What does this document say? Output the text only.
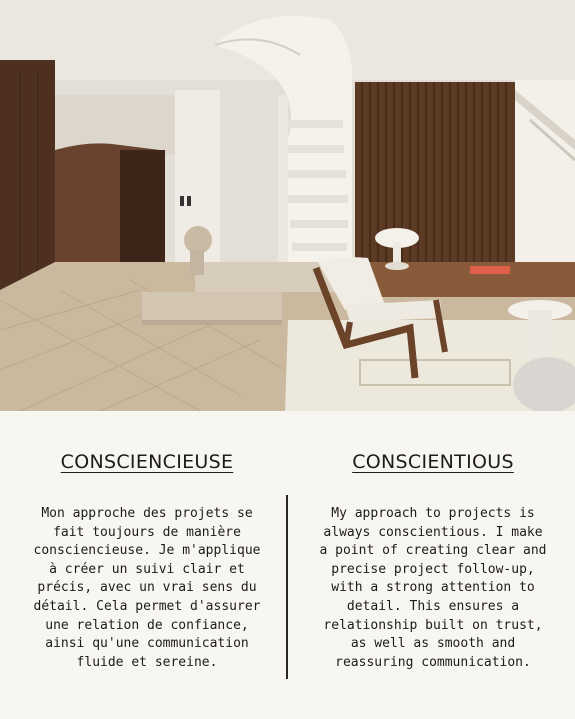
CONSCIENCIEUSE

Mon approche des projets se
fait toujours de manière
consciencieuse. Je m'applique
à créer un suivi clair et
précis, avec un vrai sens du
détail. Cela permet d'assurer
une relation de confiance,
ainsi qu'une communication
fluide et sereine.

CONSCIENTIOUS

My approach to projects is
always conscientious. I make
a point of creating clear and
precise project follow-up,
with a strong attention to
detail. This ensures a
relationship built on trust,
as well as smooth and
reassuring communication.
